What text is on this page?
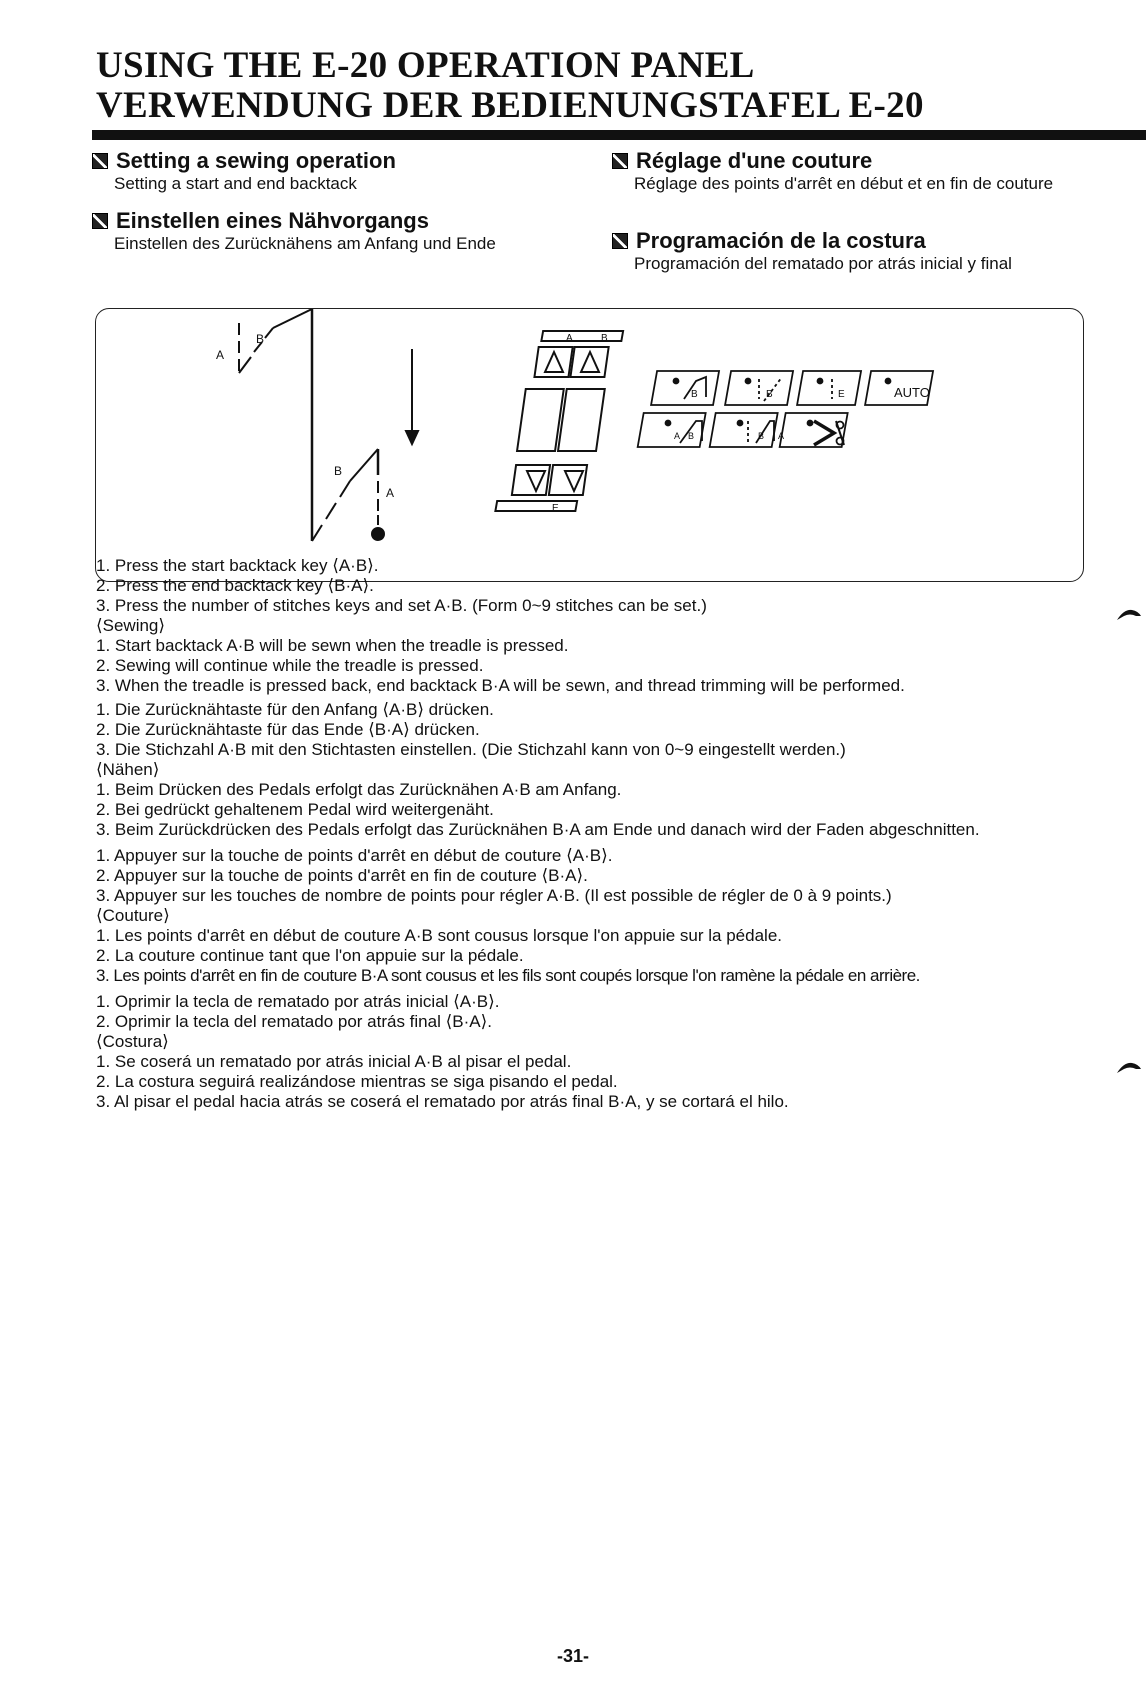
USING THE E-20 OPERATION PANEL
VERWENDUNG DER BEDIENUNGSTAFEL E-20
Setting a sewing operation
Setting a start and end backtack
Einstellen eines Nähvorgangs
Einstellen des Zurücknähens am Anfang und Ende
Réglage d'une couture
Réglage des points d'arrêt en début et en fin de couture
Programación de la costura
Programación del rematado por atrás inicial y final
A
B
B
A
A	B
E
B	B	E	AUTO
A B	B A

1. Press the start backtack key ⟨A·B⟩.

2. Press the end backtack key ⟨B·A⟩.

3. Press the number of stitches keys and set A·B. (Form 0~9 stitches can be set.)

⟨Sewing⟩

1. Start backtack A·B will be sewn when the treadle is pressed.

2. Sewing will continue while the treadle is pressed.

3. When the treadle is pressed back, end backtack B·A will be sewn, and thread trimming will be performed.

1. Die Zurücknähtaste für den Anfang ⟨A·B⟩ drücken.

2. Die Zurücknähtaste für das Ende ⟨B·A⟩ drücken.

3. Die Stichzahl A·B mit den Stichtasten einstellen. (Die Stichzahl kann von 0~9 eingestellt werden.)

⟨Nähen⟩

1. Beim Drücken des Pedals erfolgt das Zurücknähen A·B am Anfang.

2. Bei gedrückt gehaltenem Pedal wird weitergenäht.

3. Beim Zurückdrücken des Pedals erfolgt das Zurücknähen B·A am Ende und danach wird der Faden abgeschnitten.

1. Appuyer sur la touche de points d'arrêt en début de couture ⟨A·B⟩.

2. Appuyer sur la touche de points d'arrêt en fin de couture ⟨B·A⟩.

3. Appuyer sur les touches de nombre de points pour régler A·B. (Il est possible de régler de 0 à 9 points.)

⟨Couture⟩

1. Les points d'arrêt en début de couture A·B sont cousus lorsque l'on appuie sur la pédale.

2. La couture continue tant que l'on appuie sur la pédale.

3. Les points d'arrêt en fin de couture B·A sont cousus et les fils sont coupés lorsque l'on ramène la pédale en arrière.

1. Oprimir la tecla de rematado por atrás inicial ⟨A·B⟩.

2. Oprimir la tecla del rematado por atrás final ⟨B·A⟩.

⟨Costura⟩

1. Se coserá un rematado por atrás inicial A·B al pisar el pedal.

2. La costura seguirá realizándose mientras se siga pisando el pedal.

3. Al pisar el pedal hacia atrás se coserá el rematado por atrás final B·A, y se cortará el hilo.

-31-
